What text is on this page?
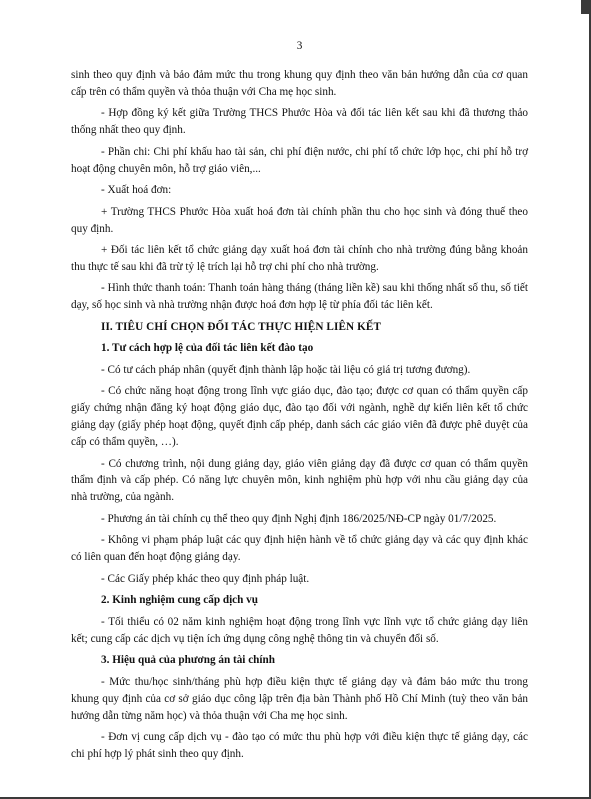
3

sinh theo quy định và bảo đảm mức thu trong khung quy định theo văn bản hướng dẫn của cơ quan cấp trên có thẩm quyền và thỏa thuận với Cha mẹ học sinh.

- Hợp đồng ký kết giữa Trường THCS Phước Hòa và đối tác liên kết sau khi đã thương thảo thống nhất theo quy định.

- Phần chi: Chi phí khấu hao tài sản, chi phí điện nước, chi phí tổ chức lớp học, chi phí hỗ trợ hoạt động chuyên môn, hỗ trợ giáo viên,...

- Xuất hoá đơn:

+ Trường THCS Phước Hòa xuất hoá đơn tài chính phần thu cho học sinh và đóng thuế theo quy định.

+ Đối tác liên kết tổ chức giảng dạy xuất hoá đơn tài chính cho nhà trường đúng bằng khoản thu thực tế sau khi đã trừ tỷ lệ trích lại hỗ trợ chi phí cho nhà trường.

- Hình thức thanh toán: Thanh toán hàng tháng (tháng liền kề) sau khi thống nhất số thu, số tiết dạy, số học sinh và nhà trường nhận được hoá đơn hợp lệ từ phía đối tác liên kết.

II. TIÊU CHÍ CHỌN ĐỐI TÁC THỰC HIỆN LIÊN KẾT

1. Tư cách hợp lệ của đối tác liên kết đào tạo

- Có tư cách pháp nhân (quyết định thành lập hoặc tài liệu có giá trị tương đương).

- Có chức năng hoạt động trong lĩnh vực giáo dục, đào tạo; được cơ quan có thẩm quyền cấp giấy chứng nhận đăng ký hoạt động giáo dục, đào tạo đối với ngành, nghề dự kiến liên kết tổ chức giảng dạy (giấy phép hoạt động, quyết định cấp phép, danh sách các giáo viên đã được phê duyệt của cấp có thẩm quyền, …).

- Có chương trình, nội dung giảng dạy, giáo viên giảng dạy đã được cơ quan có thẩm quyền thẩm định và cấp phép. Có năng lực chuyên môn, kinh nghiệm phù hợp với nhu cầu giảng dạy của nhà trường, của ngành.

- Phương án tài chính cụ thể theo quy định Nghị định 186/2025/NĐ-CP ngày 01/7/2025.

- Không vi phạm pháp luật các quy định hiện hành về tổ chức giảng dạy và các quy định khác có liên quan đến hoạt động giảng dạy.

- Các Giấy phép khác theo quy định pháp luật.

2. Kinh nghiệm cung cấp dịch vụ

- Tối thiểu có 02 năm kinh nghiệm hoạt động trong lĩnh vực lĩnh vực tổ chức giảng dạy liên kết; cung cấp các dịch vụ tiện ích ứng dụng công nghệ thông tin và chuyển đổi số.

3. Hiệu quả của phương án tài chính

- Mức thu/học sinh/tháng phù hợp điều kiện thực tế giảng dạy và đảm bảo mức thu trong khung quy định của cơ sở giáo dục công lập trên địa bàn Thành phố Hồ Chí Minh (tuỳ theo văn bản hướng dẫn từng năm học) và thỏa thuận với Cha mẹ học sinh.

- Đơn vị cung cấp dịch vụ - đào tạo có mức thu phù hợp với điều kiện thực tế giảng dạy, các chi phí hợp lý phát sinh theo quy định.
